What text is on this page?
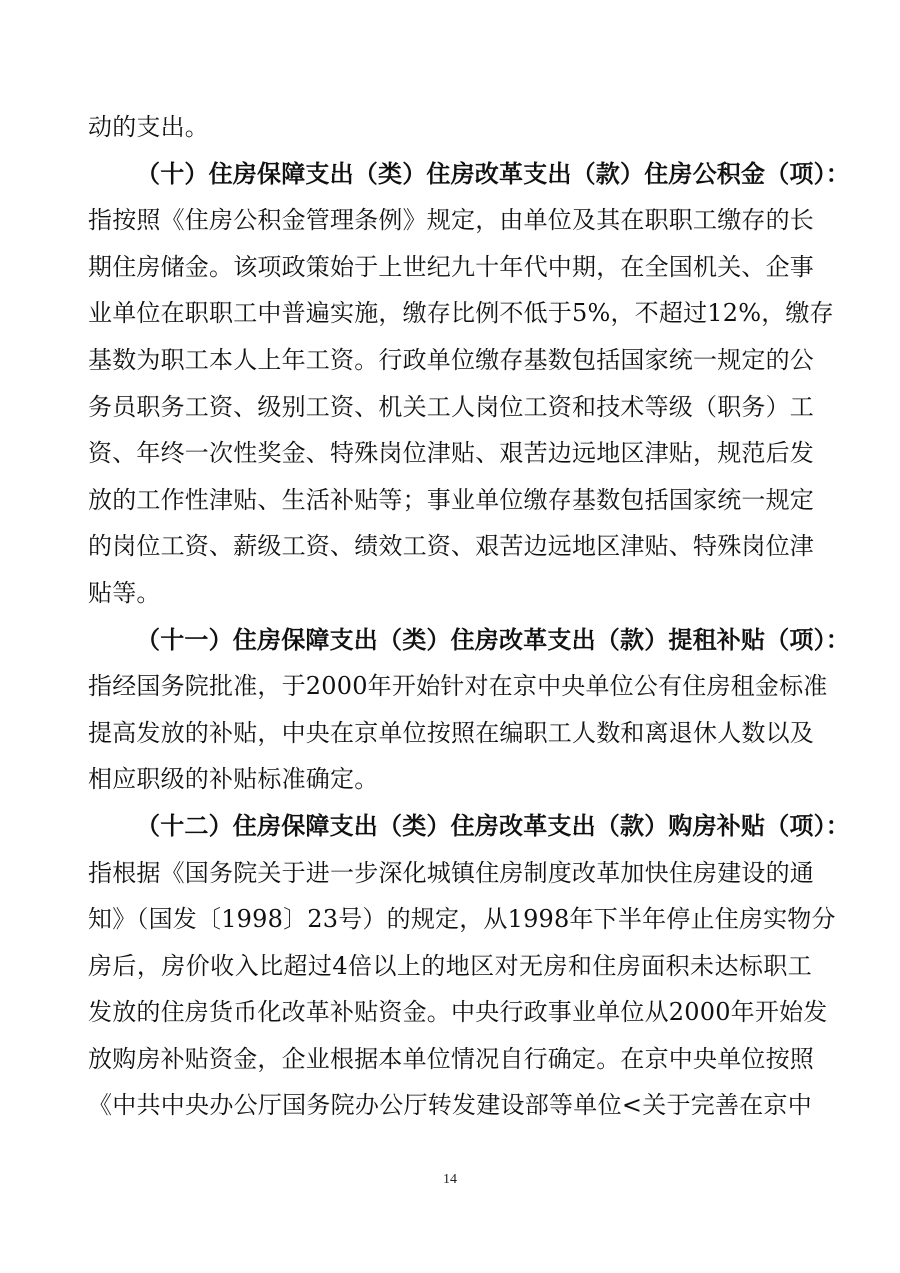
动的支出。
（十）住房保障支出（类）住房改革支出（款）住房公积金（项）：
指按照《住房公积金管理条例》规定，由单位及其在职职工缴存的长
期住房储金。该项政策始于上世纪九十年代中期，在全国机关、企事
业单位在职职工中普遍实施，缴存比例不低于5%，不超过12%，缴存
基数为职工本人上年工资。行政单位缴存基数包括国家统一规定的公
务员职务工资、级别工资、机关工人岗位工资和技术等级（职务）工
资、年终一次性奖金、特殊岗位津贴、艰苦边远地区津贴，规范后发
放的工作性津贴、生活补贴等；事业单位缴存基数包括国家统一规定
的岗位工资、薪级工资、绩效工资、艰苦边远地区津贴、特殊岗位津
贴等。
（十一）住房保障支出（类）住房改革支出（款）提租补贴（项）：
指经国务院批准，于2000年开始针对在京中央单位公有住房租金标准
提高发放的补贴，中央在京单位按照在编职工人数和离退休人数以及
相应职级的补贴标准确定。
（十二）住房保障支出（类）住房改革支出（款）购房补贴（项）：
指根据《国务院关于进一步深化城镇住房制度改革加快住房建设的通
知》（国发〔1998〕23号）的规定，从1998年下半年停止住房实物分
房后，房价收入比超过4倍以上的地区对无房和住房面积未达标职工
发放的住房货币化改革补贴资金。中央行政事业单位从2000年开始发
放购房补贴资金，企业根据本单位情况自行确定。在京中央单位按照
《中共中央办公厅国务院办公厅转发建设部等单位<关于完善在京中
14
